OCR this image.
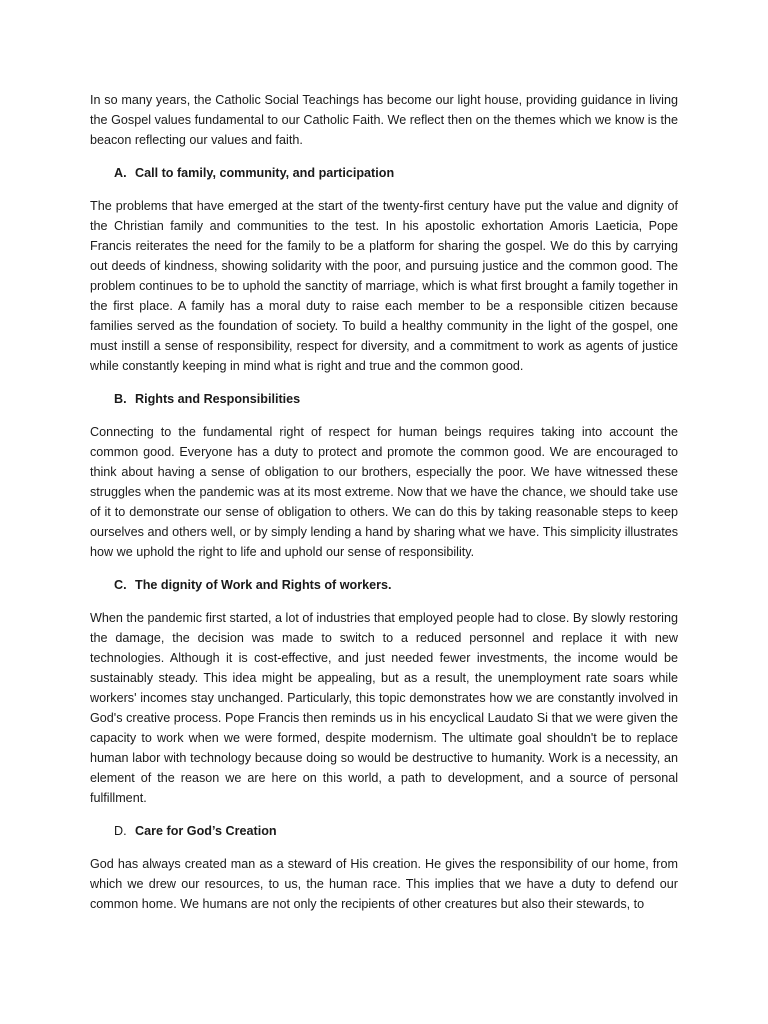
In so many years, the Catholic Social Teachings has become our light house, providing guidance in living the Gospel values fundamental to our Catholic Faith. We reflect then on the themes which we know is the beacon reflecting our values and faith.

A. Call to family, community, and participation

The problems that have emerged at the start of the twenty-first century have put the value and dignity of the Christian family and communities to the test. In his apostolic exhortation Amoris Laeticia, Pope Francis reiterates the need for the family to be a platform for sharing the gospel. We do this by carrying out deeds of kindness, showing solidarity with the poor, and pursuing justice and the common good. The problem continues to be to uphold the sanctity of marriage, which is what first brought a family together in the first place. A family has a moral duty to raise each member to be a responsible citizen because families served as the foundation of society. To build a healthy community in the light of the gospel, one must instill a sense of responsibility, respect for diversity, and a commitment to work as agents of justice while constantly keeping in mind what is right and true and the common good.

B. Rights and Responsibilities

Connecting to the fundamental right of respect for human beings requires taking into account the common good. Everyone has a duty to protect and promote the common good. We are encouraged to think about having a sense of obligation to our brothers, especially the poor. We have witnessed these struggles when the pandemic was at its most extreme. Now that we have the chance, we should take use of it to demonstrate our sense of obligation to others. We can do this by taking reasonable steps to keep ourselves and others well, or by simply lending a hand by sharing what we have. This simplicity illustrates how we uphold the right to life and uphold our sense of responsibility.

C. The dignity of Work and Rights of workers.

When the pandemic first started, a lot of industries that employed people had to close. By slowly restoring the damage, the decision was made to switch to a reduced personnel and replace it with new technologies. Although it is cost-effective, and just needed fewer investments, the income would be sustainably steady. This idea might be appealing, but as a result, the unemployment rate soars while workers' incomes stay unchanged. Particularly, this topic demonstrates how we are constantly involved in God's creative process. Pope Francis then reminds us in his encyclical Laudato Si that we were given the capacity to work when we were formed, despite modernism. The ultimate goal shouldn't be to replace human labor with technology because doing so would be destructive to humanity. Work is a necessity, an element of the reason we are here on this world, a path to development, and a source of personal fulfillment.

D. Care for God’s Creation

God has always created man as a steward of His creation. He gives the responsibility of our home, from which we drew our resources, to us, the human race. This implies that we have a duty to defend our common home. We humans are not only the recipients of other creatures but also their stewards, to
